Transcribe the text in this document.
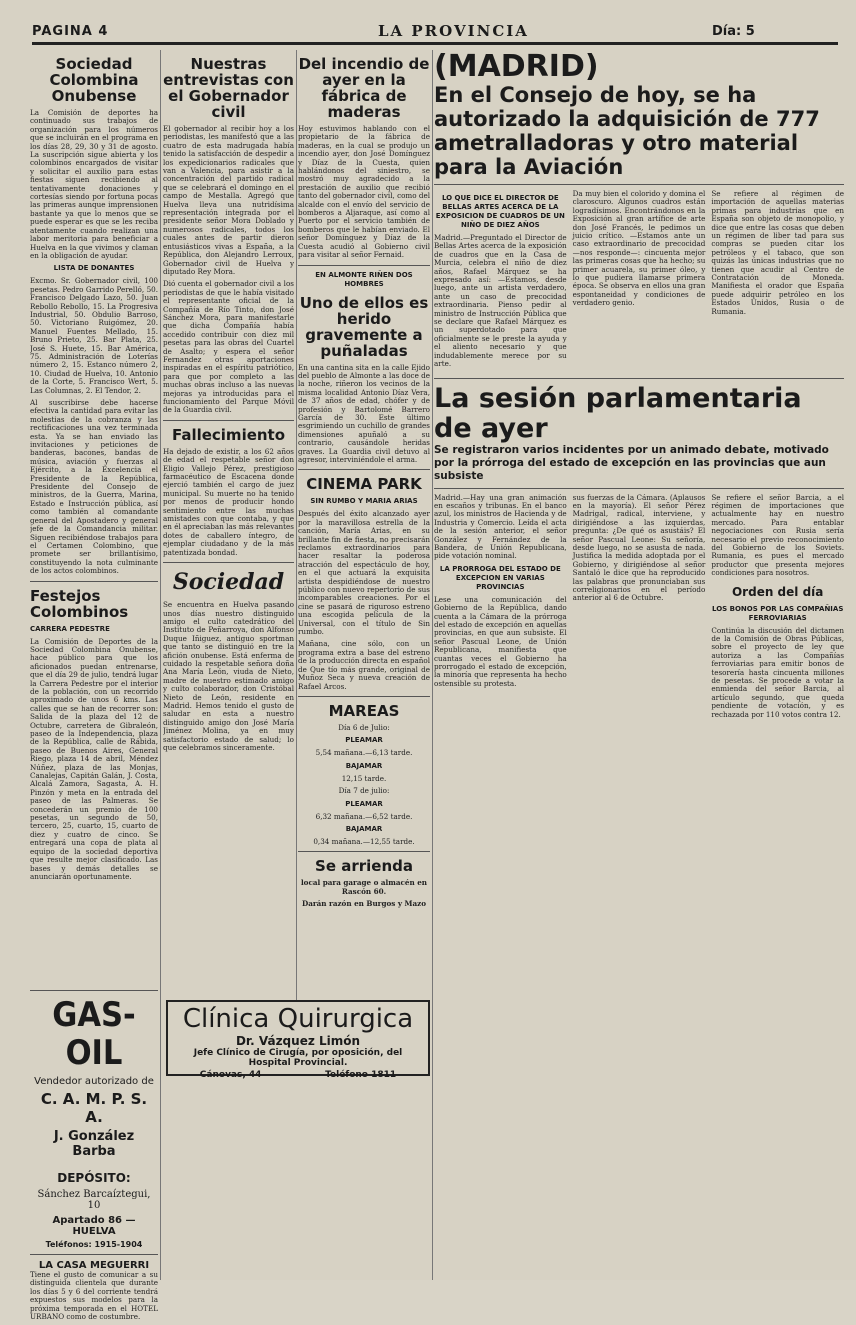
PAGINA 4	LA PROVINCIA	Día: 5
Sociedad Colombina Onubense

La Comisión de deportes ha continuado sus trabajos de organización para los números que se incluirán en el programa en los días 28, 29, 30 y 31 de agosto. La suscripción sigue abierta y los colombinos encargados de visitar y solicitar el auxilio para estas fiestas siguen recibiendo al tentativamente donaciones y cortesías siendo por fortuna pocas las primeras aunque imprensionen bastante ya que lo menos que se puede esperar es que se les reciba atentamente cuando realizan una labor meritoria para beneficiar a Huelva en la que vivimos y claman en la obligación de ayudar.

LISTA DE DONANTES

Excmo. Sr. Gobernador civil, 100 pesetas. Pedro Garrido Perelló, 50. Francisco Delgado Lazo, 50. Juan Rebollo Rebollo, 15. La Progresiva Industrial, 50. Obdulio Barroso, 50. Victoriano Ruigómez, 20. Manuel Fuentes Mellado, 15. Bruno Prieto, 25. Bar Plata, 25. José S. Huete, 15. Bar América, 75. Administración de Loterías número 2, 15. Estanco número 2, 10. Ciudad de Huelva, 10. Antonio de la Corte, 5. Francisco Wert, 5. Las Columnas, 2. El Tendor, 2.

Al suscribirse debe hacerse efectiva la cantidad para evitar las molestias de la cobranza y las rectificaciones una vez terminada esta. Ya se han enviado las invitaciones y peticiones de banderas, bacones, bandas de música, aviación y fuerzas al Ejército, a la Excelencia el Presidente de la República, Presidente del Consejo de ministros, de la Guerra, Marina, Estado e Instrucción pública, así como también al comandante general del Apostadero y general jefe de la Comandancia militar. Siguen recibiéndose trabajos para el Certamen Colombino, que promete ser brillantísimo, constituyendo la nota culminante de los actos colombinos.

Festejos Colombinos
CARRERA PEDESTRE

La Comisión de Deportes de la Sociedad Colombina Onubense, hace público para que los aficionados puedan entrenarse, que el día 29 de julio, tendrá lugar la Carrera Pedestre por el interior de la población, con un recorrido aproximado de unos 6 kms. Las calles que se han de recorrer son: Salida de la plaza del 12 de Octubre, carretera de Gibraleón, paseo de la Independencia, plaza de la República, calle de Rábida, paseo de Buenos Aires, General Riego, plaza 14 de abril, Méndez Núñez, plaza de las Monjas, Canalejas, Capitán Galán, J. Costa, Alcalá Zamora, Sagasta, A. H. Pinzón y meta en la entrada del paseo de las Palmeras. Se concederán un premio de 100 pesetas, un segundo de 50, tercero, 25, cuarto, 15, cuarto de diez y cuatro de cinco. Se entregará una copa de plata al equipo de la sociedad deportiva que resulte mejor clasificado. Las bases y demás detalles se anunciarán oportunamente.

GAS-OIL
Vendedor autorizado de
C. A. M. P. S. A.
J. González Barba
DEPÓSITO:
Sánchez Barcaíztegui, 10
Apartado 86 — HUELVA
Teléfonos: 1915-1904
LA CASA MEGUERRI

Tiene el gusto de comunicar a su distinguida clientela que durante los días 5 y 6 del corriente tendrá expuestos sus modelos para la próxima temporada en el HOTEL URBANO como de costumbre.

Nuestras entrevistas con el Gobernador civil

El gobernador al recibir hoy a los periodistas, les manifestó que a las cuatro de esta madrugada había tenido la satisfacción de despedir a los expedicionarios radicales que van a Valencia, para asistir a la concentración del partido radical que se celebrará el domingo en el campo de Mestalla. Agregó que Huelva lleva una nutridísima representación integrada por el presidente señor Mora Doblado y numerosos radicales, todos los cuales antes de partir dieron entusiásticos vivas a España, a la República, don Alejandro Lerroux, Gobernador civil de Huelva y diputado Rey Mora.

Dió cuenta el gobernador civil a los periodistas de que le había visitado el representante oficial de la Compañía de Río Tinto, don José Sánchez Mora, para manifestarle que dicha Compañía había accedido contribuir con diez mil pesetas para las obras del Cuartel de Asalto; y espera el señor Fernandez otras aportaciones inspiradas en el espíritu patriótico, para que por completo a las muchas obras incluso a las nuevas mejoras ya introducidas para el funcionamiento del Parque Móvil de la Guardia civil.

Fallecimiento

Ha dejado de existir, a los 62 años de edad el respetable señor don Eligio Vallejo Pérez, prestigioso farmacéutico de Escacena donde ejerció también el cargo de juez municipal. Su muerte no ha tenido por menos de producir hondo sentimiento entre las muchas amistades con que contaba, y que en él apreciaban las más relevantes dotes de caballero íntegro, de ejemplar ciudadano y de la más patentizada bondad.

Sociedad

Se encuentra en Huelva pasando unos días nuestro distinguido amigo el culto catedrático del Instituto de Peñarroya, don Alfonso Duque Iñiguez, antiguo sportman que tanto se distinguió en tre la afición onubense. Está enferma de cuidado la respetable señora doña Ana María León, viuda de Nieto, madre de nuestro estimado amigo y culto colaborador, don Cristóbal Nieto de León, residente en Madrid. Hemos tenido el gusto de saludar en esta a nuestro distinguido amigo don José María Jiménez Molina, ya en muy satisfactorio estado de salud; lo que celebramos sinceramente.

Del incendio de ayer en la fábrica de maderas

Hoy estuvimos hablando con el propietario de la fábrica de maderas, en la cual se produjo un incendio ayer, don José Domínguez y Díaz de la Cuesta, quien hablándonos del siniestro, se mostró muy agradecido a la prestación de auxilio que recibió tanto del gobernador civil, como del alcalde con el envío del servicio de bomberos a Aljaraque, así como al Puerto por el servicio también de bomberos que le habían enviado. El señor Domínguez y Díaz de la Cuesta acudió al Gobierno civil para visitar al señor Fernaid.

EN ALMONTE RIÑEN DOS HOMBRES
Uno de ellos es herido gravemente a puñaladas

En una cantina sita en la calle Ejido del pueblo de Almonte a las doce de la noche, riñeron los vecinos de la misma localidad Antonio Díaz Vera, de 37 años de edad, chófer y de profesión y Bartolomé Barrero García de 30. Este último esgrimiendo un cuchillo de grandes dimensiones apuñaló a su contrario, causándole heridas graves. La Guardia civil detuvo al agresor, interviniéndole el arma.

CINEMA PARK
SIN RUMBO Y MARIA ARIAS

Después del éxito alcanzado ayer por la maravillosa estrella de la canción, María Arias, en su brillante fin de fiesta, no precisarán reclamos extraordinarios para hacer resaltar la poderosa atracción del espectáculo de hoy, en el que actuará la exquisita artista despidiéndose de nuestro público con nuevo repertorio de sus incomparables creaciones. Por el cine se pasará de riguroso estreno una escogida película de la Universal, con el título de Sin rumbo.

Mañana, cine sólo, con un programa extra a base del estreno de la producción directa en español de Que tío más grande, original de Muñoz Seca y nueva creación de Rafael Arcos.

MAREAS
Día 6 de Julio:
PLEAMAR
5,54 mañana.—6,13 tarde.
BAJAMAR
12,15 tarde.
Día 7 de julio:
PLEAMAR
6,32 mañana.—6,52 tarde.
BAJAMAR
0,34 mañana.—12,55 tarde.
Se arrienda
local para garage o almacén en Rascón 60.
Darán razón en Burgos y Mazo
Clínica Quirurgica
Dr. Vázquez Limón
Jefe Clínico de Cirugía, por oposición, del Hospital Provincial.
Cánovas, 44	Teléfono 1811
(MADRID)
En el Consejo de hoy, se ha autorizado la adquisición de 777 ametralladoras y otro material para la Aviación
LO QUE DICE EL DIRECTOR DE BELLAS ARTES ACERCA DE LA EXPOSICION DE CUADROS DE UN NIÑO DE DIEZ AÑOS

Madrid.—Preguntado el Director de Bellas Artes acerca de la exposición de cuadros que en la Casa de Murcia, celebra el niño de diez años, Rafael Márquez se ha expresado así: —Estamos, desde luego, ante un artista verdadero, ante un caso de precocidad extraordinaria. Pienso pedir al ministro de Instrucción Pública que se declare que Rafael Márquez es un superdotado para que oficialmente se le preste la ayuda y el aliento necesario y que indudablemente merece por su arte.

Da muy bien el colorido y domina el claroscuro. Algunos cuadros están logradísimos. Encontrándonos en la Exposición al gran artífice de arte don José Francés, le pedimos un juicio crítico. —Estamos ante un caso extraordinario de precocidad —nos responde—: cincuenta mejor las primeras cosas que ha hecho; su primer acuarela, su primer óleo, y lo que pudiera llamarse primera época. Se observa en ellos una gran espontaneidad y condiciones de verdadero genio.

Se refiere al régimen de importación de aquellas materias primas para industrias que en España son objeto de monopolio, y dice que entre las cosas que deben un régimen de liber tad para sus compras se pueden citar los petróleos y el tabaco, que son quizás las únicas industrias que no tienen que acudir al Centro de Contratación de Moneda. Manifiesta el orador que España puede adquirir petróleo en los Estados Unidos, Rusia o de Rumania.

La sesión parlamentaria de ayer
Se registraron varios incidentes por un animado debate, motivado por la prórroga del estado de excepción en las provincias que aun subsiste

Madrid.—Hay una gran animación en escaños y tribunas. En el banco azul, los ministros de Hacienda y de Industria y Comercio. Leída el acta de la sesión anterior, el señor González y Fernández de la Bandera, de Unión Republicana, pide votación nominal.

LA PRORROGA DEL ESTADO DE EXCEPCION EN VARIAS PROVINCIAS

Lese una comunicación del Gobierno de la República, dando cuenta a la Cámara de la prórroga del estado de excepción en aquellas provincias, en que aun subsiste. El señor Pascual Leone, de Unión Republicana, manifiesta que cuantas veces el Gobierno ha prorrogado el estado de excepción, la minoría que representa ha hecho ostensible su protesta.

sus fuerzas de la Cámara. (Aplausos en la mayoría). El señor Pérez Madrigal, radical, interviene, y dirigiéndose a las izquierdas, pregunta: ¿De qué os asustáis? El señor Pascual Leone: Su señoría, desde luego, no se asusta de nada. Justifica la medida adoptada por el Gobierno, y dirigiéndose al señor Santaló le dice que ha reproducido las palabras que pronunciaban sus correligionarios en el período anterior al 6 de Octubre.

Se refiere el señor Barcia, a el régimen de importaciones que actualmente hay en nuestro mercado. Para entablar negociaciones con Rusia sería necesario el previo reconocimiento del Gobierno de los Soviets. Rumania, es pues el mercado productor que presenta mejores condiciones para nosotros.

Orden del día
LOS BONOS POR LAS COMPAÑIAS FERROVIARIAS

Continúa la discusión del dictamen de la Comisión de Obras Públicas, sobre el proyecto de ley que autoriza a las Compañías ferroviarias para emitir bonos de tesorería hasta cincuenta millones de pesetas. Se procede a votar la enmienda del señor Barcia, al artículo segundo, que queda pendiente de votación, y es rechazada por 110 votos contra 12.
